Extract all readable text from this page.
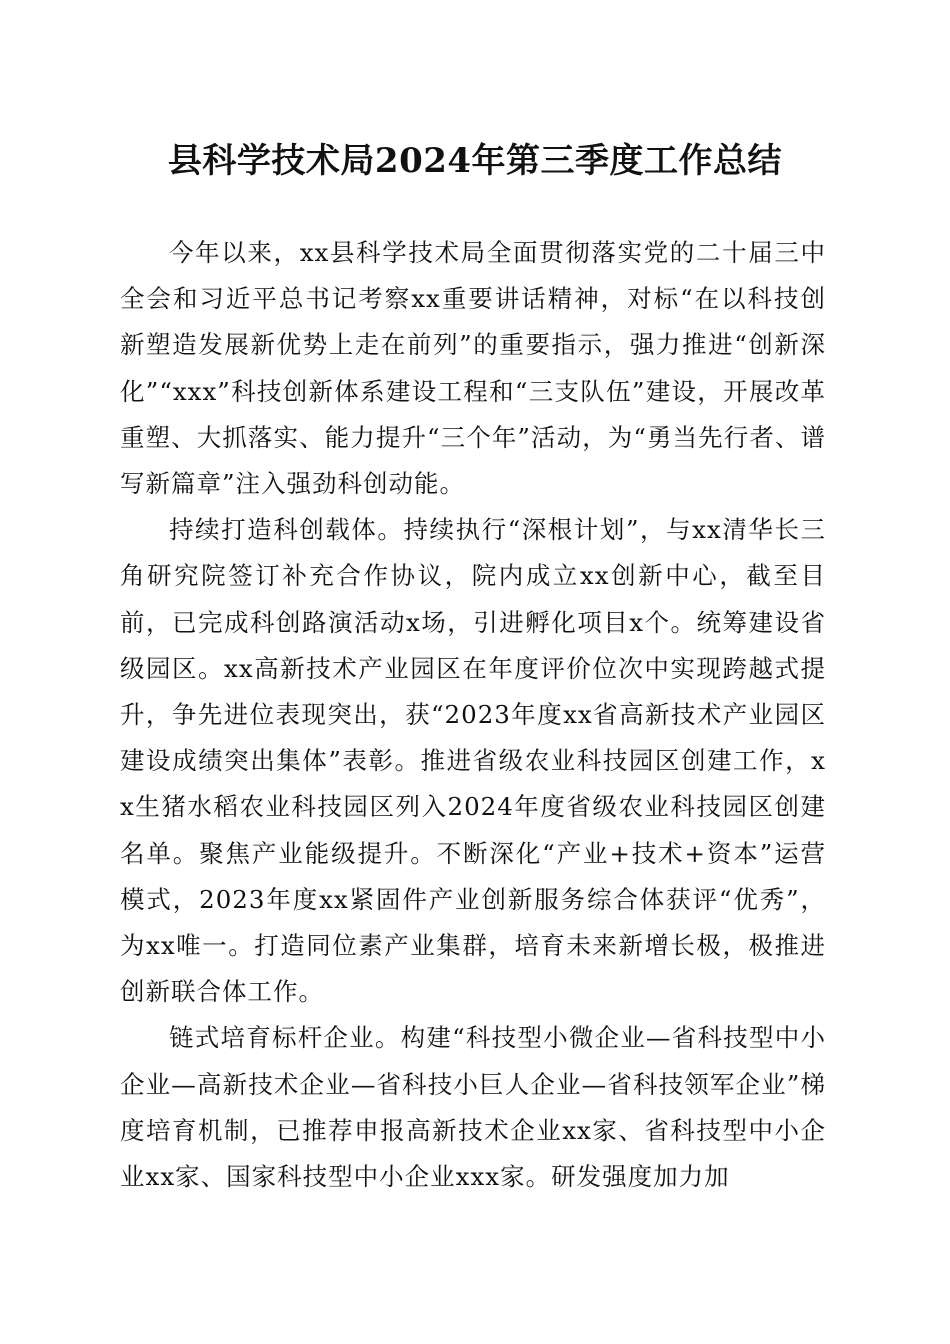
县科学技术局2024年第三季度工作总结

今年以来，xx县科学技术局全面贯彻落实党的二十届三中全会和习近平总书记考察xx重要讲话精神，对标“在以科技创新塑造发展新优势上走在前列”的重要指示，强力推进“创新深化”“xxx”科技创新体系建设工程和“三支队伍”建设，开展改革重塑、大抓落实、能力提升“三个年”活动，为“勇当先行者、谱写新篇章”注入强劲科创动能。

持续打造科创载体。持续执行“深根计划”，与xx清华长三角研究院签订补充合作协议，院内成立xx创新中心，截至目前，已完成科创路演活动x场，引进孵化项目x个。统筹建设省级园区。xx高新技术产业园区在年度评价位次中实现跨越式提升，争先进位表现突出，获“2023年度xx省高新技术产业园区建设成绩突出集体”表彰。推进省级农业科技园区创建工作，xx生猪水稻农业科技园区列入2024年度省级农业科技园区创建名单。聚焦产业能级提升。不断深化“产业+技术+资本”运营模式，2023年度xx紧固件产业创新服务综合体获评“优秀”，为xx唯一。打造同位素产业集群，培育未来新增长极，极推进创新联合体工作。

链式培育标杆企业。构建“科技型小微企业—省科技型中小企业—高新技术企业—省科技小巨人企业—省科技领军企业”梯度培育机制，已推荐申报高新技术企业xx家、省科技型中小企业xx家、国家科技型中小企业xxx家。研发强度加力加
